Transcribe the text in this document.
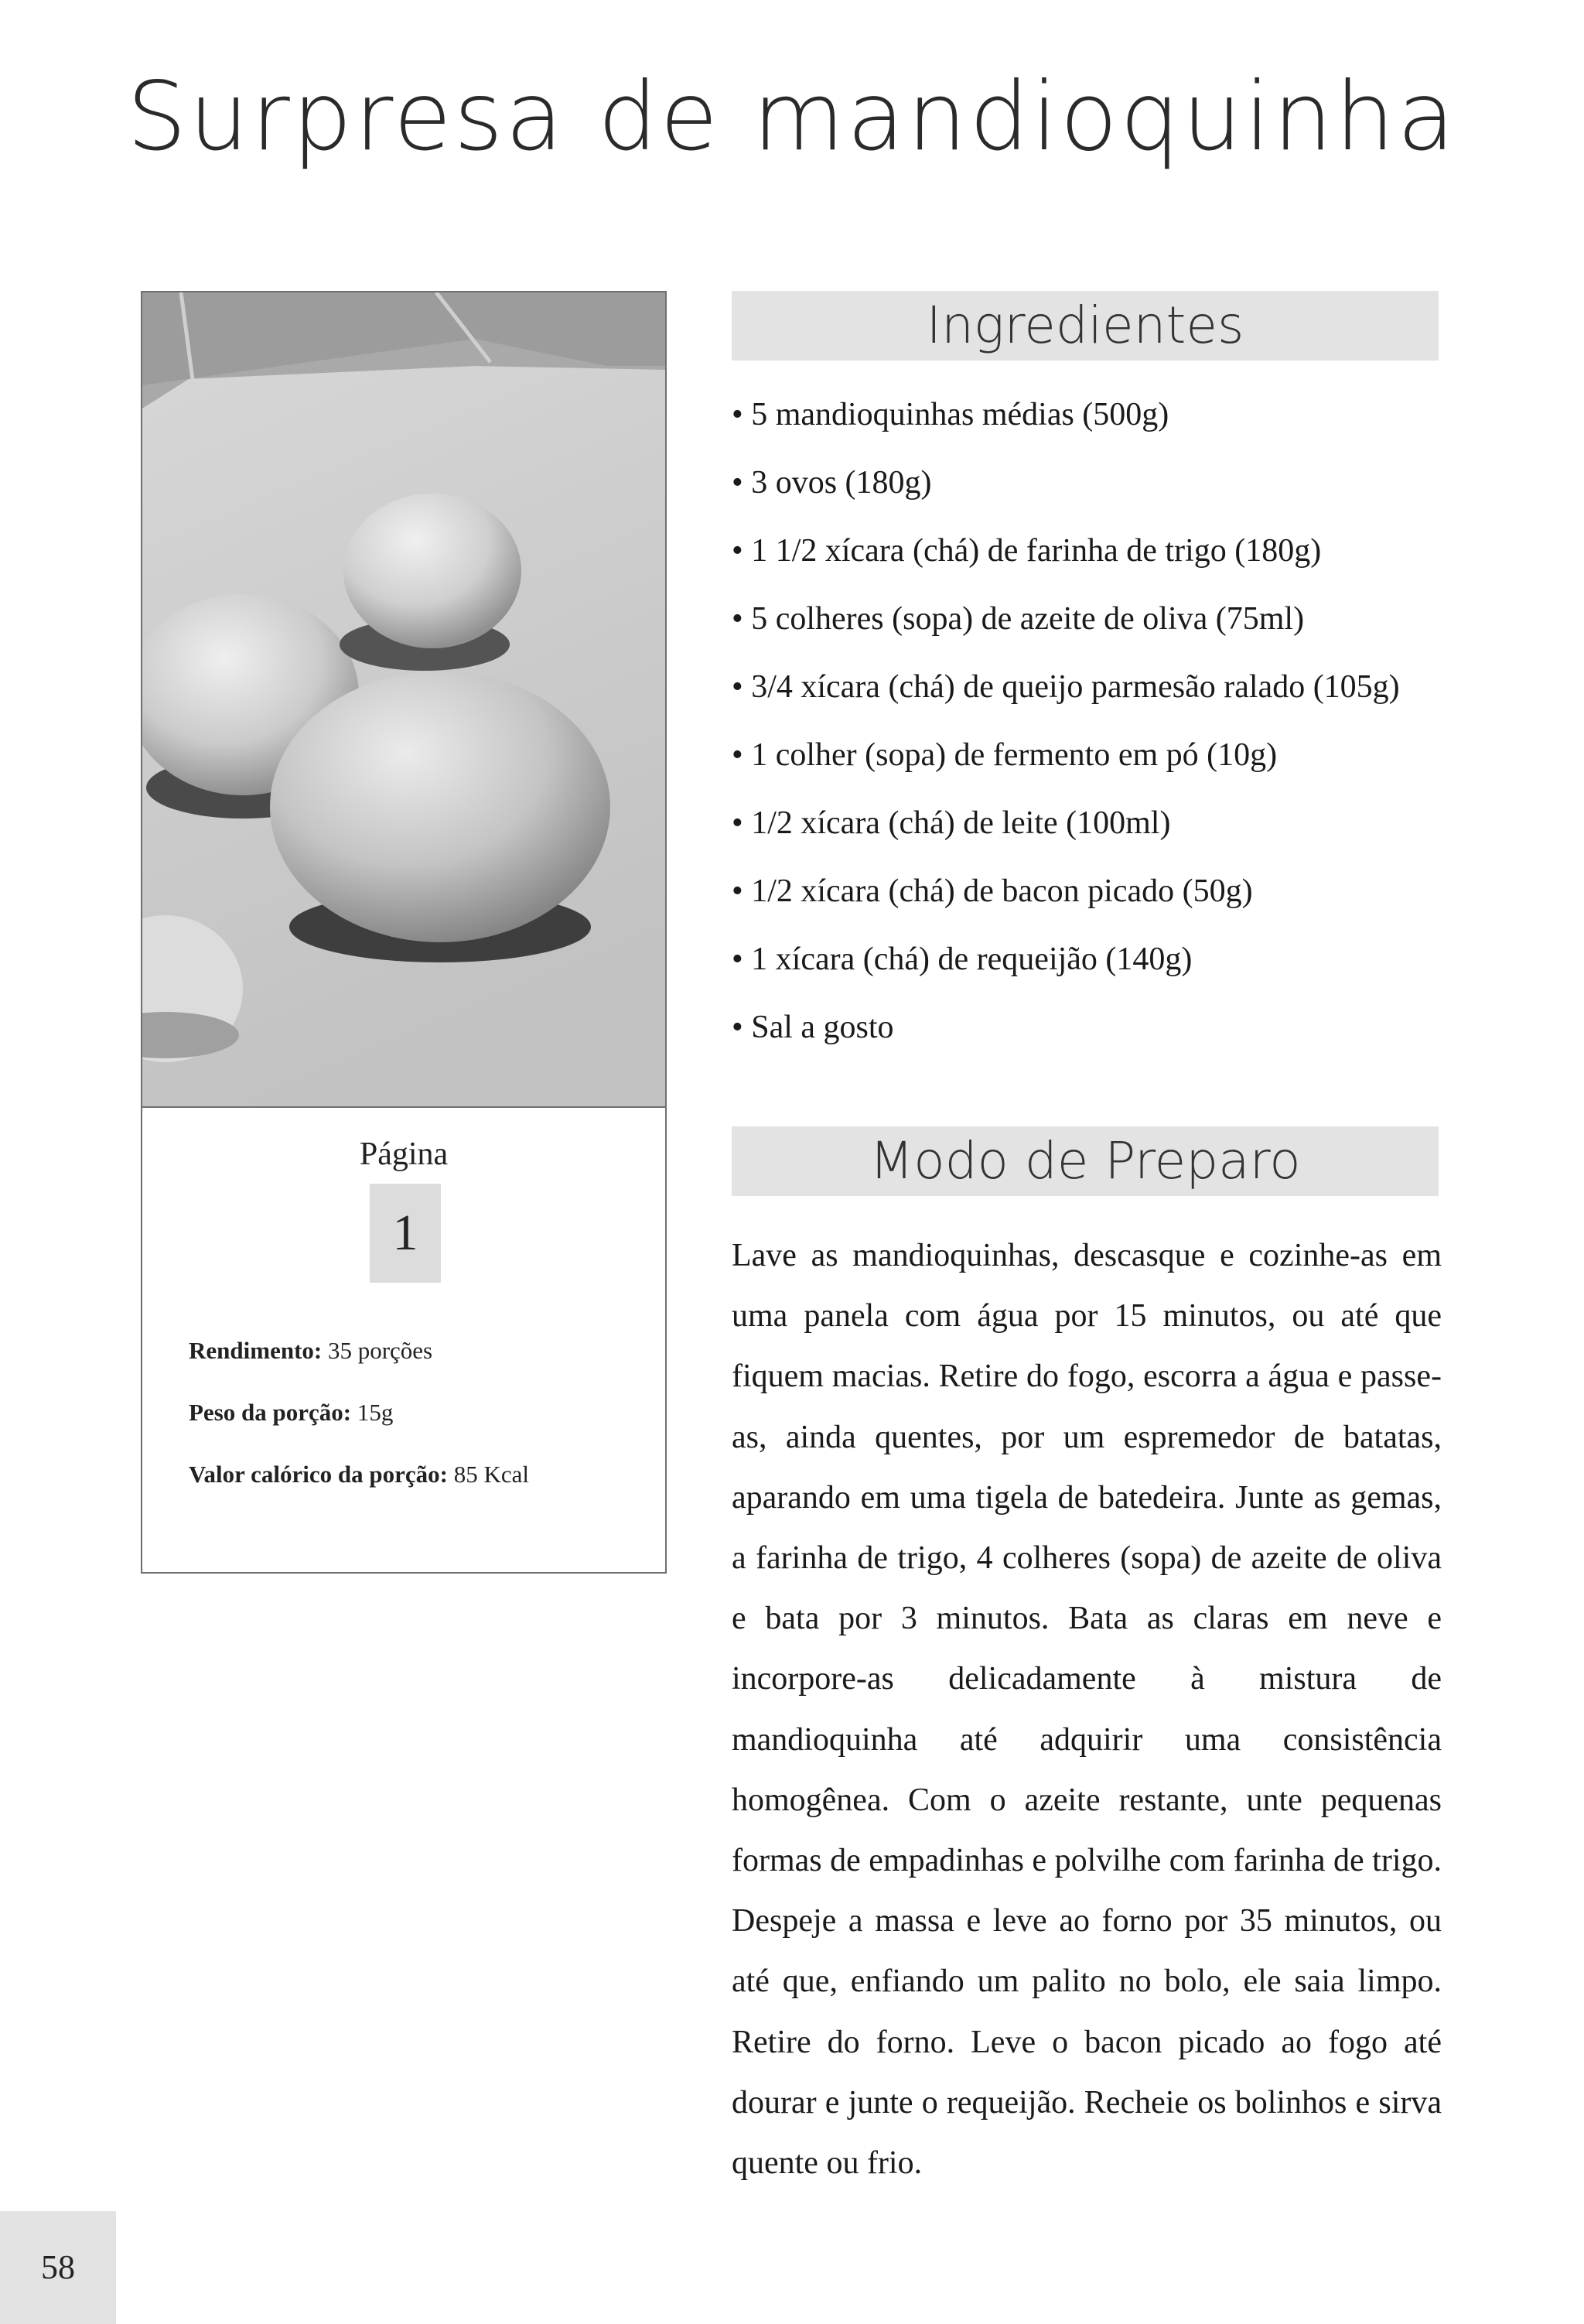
Surpresa de mandioquinha
Página
1

Rendimento: 35 porções

Peso da porção: 15g

Valor calórico da porção: 85 Kcal

Ingredientes
• 5 mandioquinhas médias (500g)
• 3 ovos (180g)
• 1 1/2 xícara (chá) de farinha de trigo (180g)
• 5 colheres (sopa) de azeite de oliva (75ml)
• 3/4 xícara (chá) de queijo parmesão ralado (105g)
• 1 colher (sopa) de fermento em pó (10g)
• 1/2 xícara (chá) de leite (100ml)
• 1/2 xícara (chá) de bacon picado (50g)
• 1 xícara (chá) de requeijão (140g)
• Sal a gosto
Modo de Preparo

Lave as mandioquinhas, descasque e cozinhe-as em uma panela com água por 15 minutos, ou até que fiquem macias. Retire do fogo, escorra a água e passe-as, ainda quentes, por um espremedor de batatas, aparando em uma tigela de batedeira. Junte as gemas, a farinha de trigo, 4 colheres (sopa) de azeite de oliva e bata por 3 minutos. Bata as claras em neve e incorpore-as delicadamente à mistura de mandioquinha até adquirir uma consistência homogênea. Com o azeite restante, unte pequenas formas de empadinhas e polvilhe com farinha de trigo. Despeje a massa e leve ao forno por 35 minutos, ou até que, enfiando um palito no bolo, ele saia limpo. Retire do forno. Leve o bacon picado ao fogo até dourar e junte o requeijão. Recheie os bolinhos e sirva quente ou frio.

58
